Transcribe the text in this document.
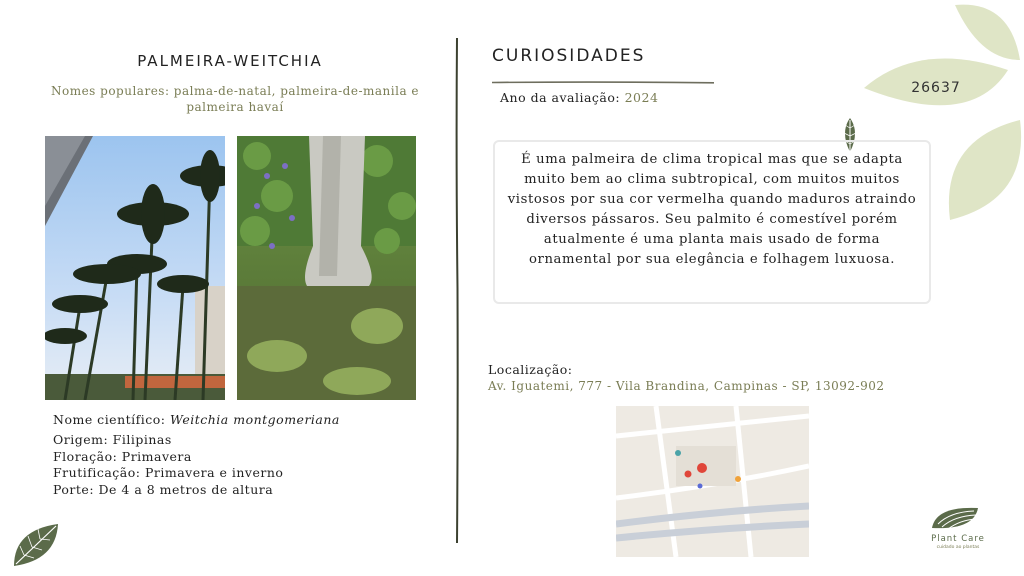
PALMEIRA-WEITCHIA
Nomes populares: palma-de-natal, palmeira-de-manila e palmeira havaí
Nome científico: Weitchia montgomeriana
Origem: Filipinas
Floração: Primavera
Frutificação: Primavera e inverno
Porte: De 4 a 8 metros de altura
CURIOSIDADES
Ano da avaliação: 2024
26637
É uma palmeira de clima tropical mas que se adapta muito bem ao clima subtropical, com muitos muitos vistosos por sua cor vermelha quando maduros atraindo diversos pássaros. Seu palmito é comestível porém atualmente é uma planta mais usado de forma ornamental por sua elegância e folhagem luxuosa.
Localização:
Av. Iguatemi, 777 - Vila Brandina, Campinas - SP, 13092-902
Plant Care
cuidado ao plantas
